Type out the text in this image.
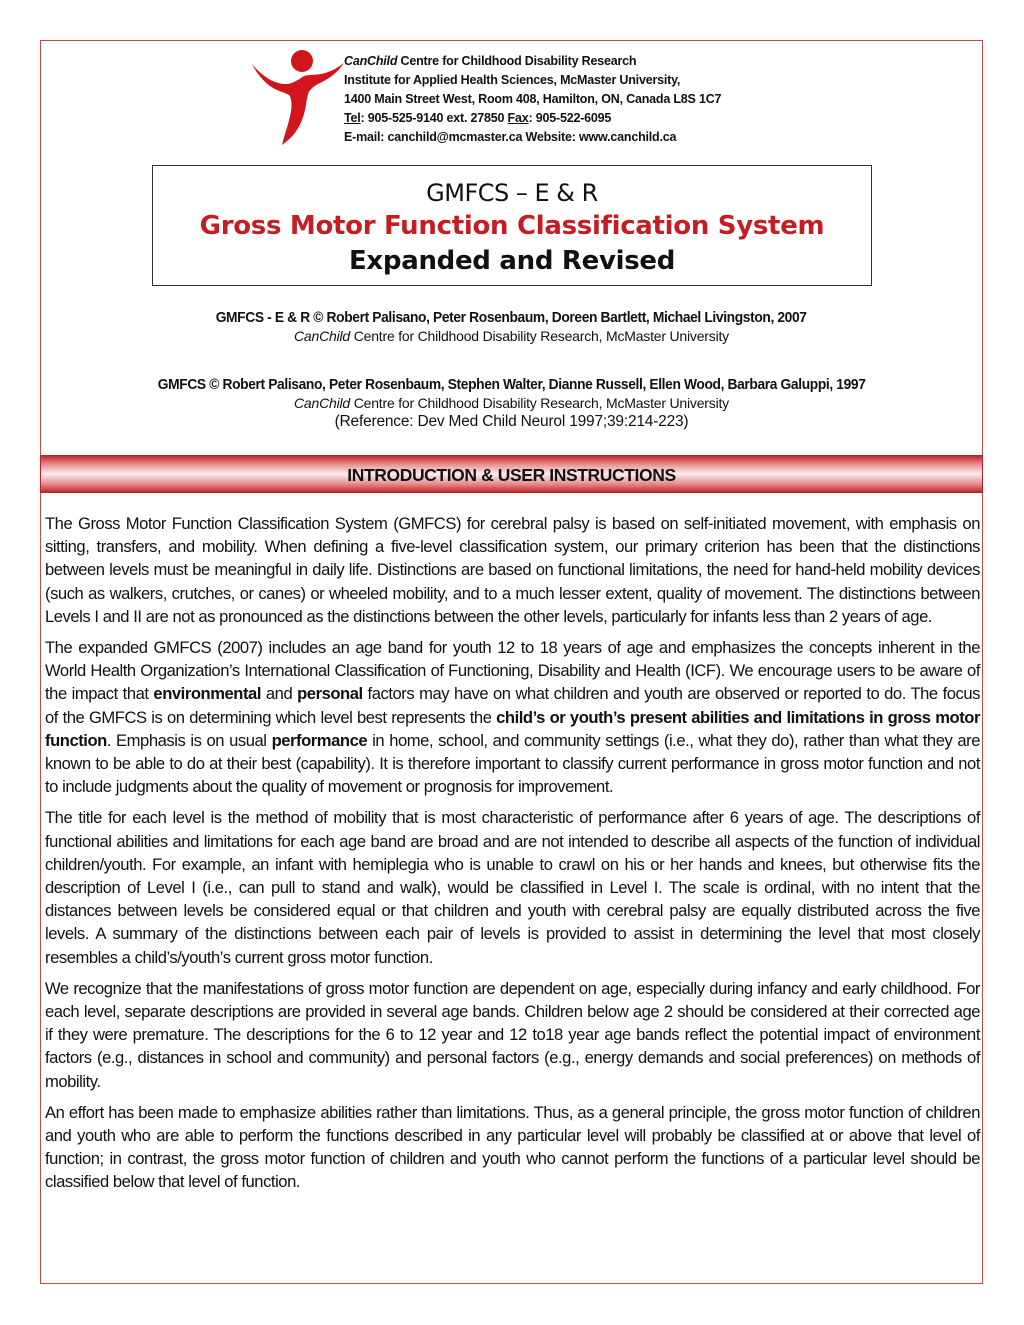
CanChild Centre for Childhood Disability Research
Institute for Applied Health Sciences, McMaster University,
1400 Main Street West, Room 408, Hamilton, ON, Canada L8S 1C7
Tel: 905-525-9140 ext. 27850 Fax: 905-522-6095
E-mail: canchild@mcmaster.ca Website: www.canchild.ca
GMFCS – E & R
Gross Motor Function Classification System
Expanded and Revised
GMFCS - E & R © Robert Palisano, Peter Rosenbaum, Doreen Bartlett, Michael Livingston, 2007
CanChild Centre for Childhood Disability Research, McMaster University
GMFCS © Robert Palisano, Peter Rosenbaum, Stephen Walter, Dianne Russell, Ellen Wood, Barbara Galuppi, 1997
CanChild Centre for Childhood Disability Research, McMaster University
(Reference: Dev Med Child Neurol 1997;39:214-223)
INTRODUCTION & USER INSTRUCTIONS

The Gross Motor Function Classification System (GMFCS) for cerebral palsy is based on self-initiated movement, with emphasis on sitting, transfers, and mobility. When defining a five-level classification system, our primary criterion has been that the distinctions between levels must be meaningful in daily life. Distinctions are based on functional limitations, the need for hand-held mobility devices (such as walkers, crutches, or canes) or wheeled mobility, and to a much lesser extent, quality of movement. The distinctions between Levels I and II are not as pronounced as the distinctions between the other levels, particularly for infants less than 2 years of age.

The expanded GMFCS (2007) includes an age band for youth 12 to 18 years of age and emphasizes the concepts inherent in the World Health Organization’s International Classification of Functioning, Disability and Health (ICF). We encourage users to be aware of the impact that environmental and personal factors may have on what children and youth are observed or reported to do. The focus of the GMFCS is on determining which level best represents the child’s or youth’s present abilities and limitations in gross motor function. Emphasis is on usual performance in home, school, and community settings (i.e., what they do), rather than what they are known to be able to do at their best (capability). It is therefore important to classify current performance in gross motor function and not to include judgments about the quality of movement or prognosis for improvement.

The title for each level is the method of mobility that is most characteristic of performance after 6 years of age. The descriptions of functional abilities and limitations for each age band are broad and are not intended to describe all aspects of the function of individual children/youth. For example, an infant with hemiplegia who is unable to crawl on his or her hands and knees, but otherwise fits the description of Level I (i.e., can pull to stand and walk), would be classified in Level I. The scale is ordinal, with no intent that the distances between levels be considered equal or that children and youth with cerebral palsy are equally distributed across the five levels. A summary of the distinctions between each pair of levels is provided to assist in determining the level that most closely resembles a child’s/youth’s current gross motor function.

We recognize that the manifestations of gross motor function are dependent on age, especially during infancy and early childhood. For each level, separate descriptions are provided in several age bands. Children below age 2 should be considered at their corrected age if they were premature. The descriptions for the 6 to 12 year and 12 to18 year age bands reflect the potential impact of environment factors (e.g., distances in school and community) and personal factors (e.g., energy demands and social preferences) on methods of mobility.

An effort has been made to emphasize abilities rather than limitations. Thus, as a general principle, the gross motor function of children and youth who are able to perform the functions described in any particular level will probably be classified at or above that level of function; in contrast, the gross motor function of children and youth who cannot perform the functions of a particular level should be classified below that level of function.
